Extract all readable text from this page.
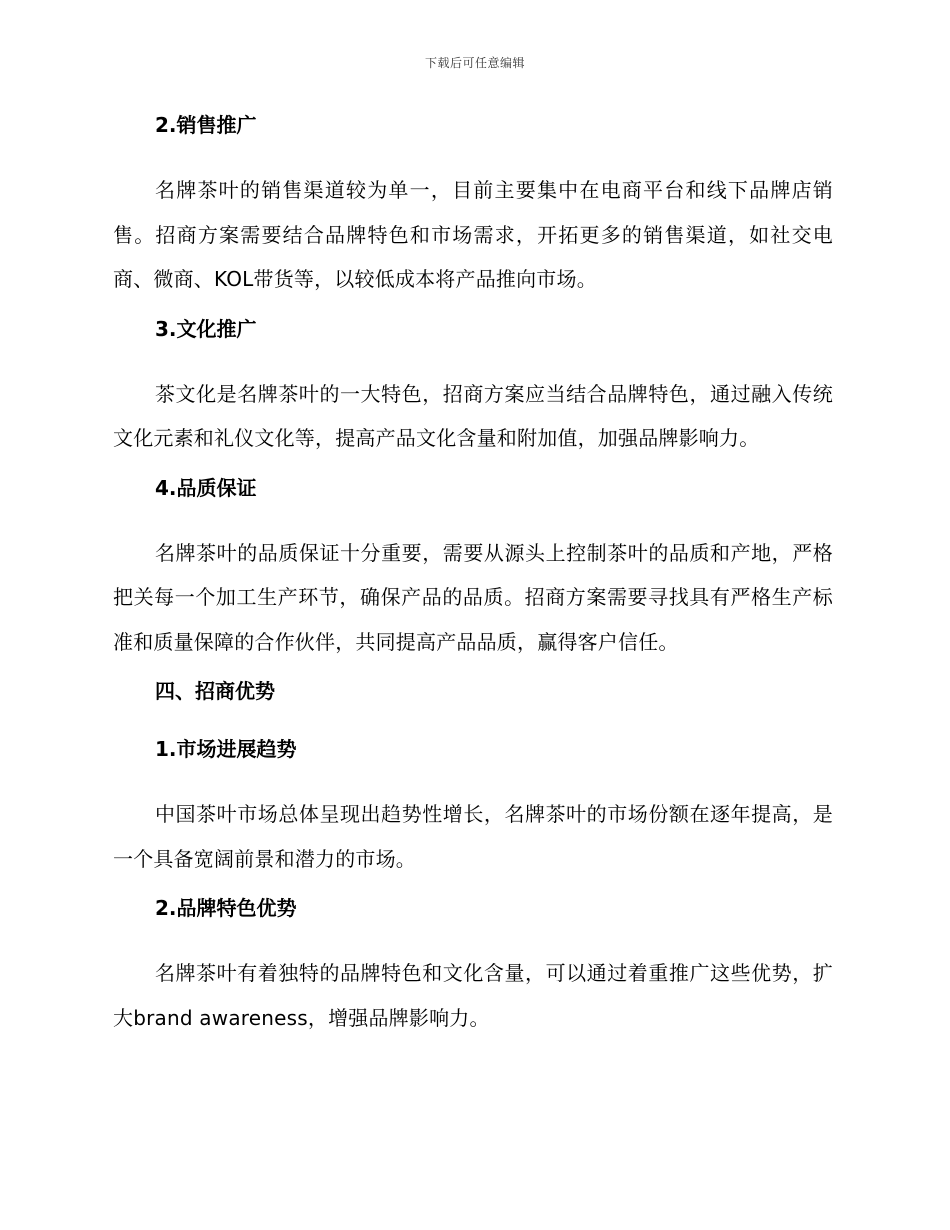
下载后可任意编辑
2.销售推广
名牌茶叶的销售渠道较为单一，目前主要集中在电商平台和线下品牌店销售。招商方案需要结合品牌特色和市场需求，开拓更多的销售渠道，如社交电商、微商、KOL带货等，以较低成本将产品推向市场。
3.文化推广
茶文化是名牌茶叶的一大特色，招商方案应当结合品牌特色，通过融入传统文化元素和礼仪文化等，提高产品文化含量和附加值，加强品牌影响力。
4.品质保证
名牌茶叶的品质保证十分重要，需要从源头上控制茶叶的品质和产地，严格把关每一个加工生产环节，确保产品的品质。招商方案需要寻找具有严格生产标准和质量保障的合作伙伴，共同提高产品品质，赢得客户信任。
四、招商优势
1.市场进展趋势
中国茶叶市场总体呈现出趋势性增长，名牌茶叶的市场份额在逐年提高，是一个具备宽阔前景和潜力的市场。
2.品牌特色优势
名牌茶叶有着独特的品牌特色和文化含量，可以通过着重推广这些优势，扩大brand awareness，增强品牌影响力。
